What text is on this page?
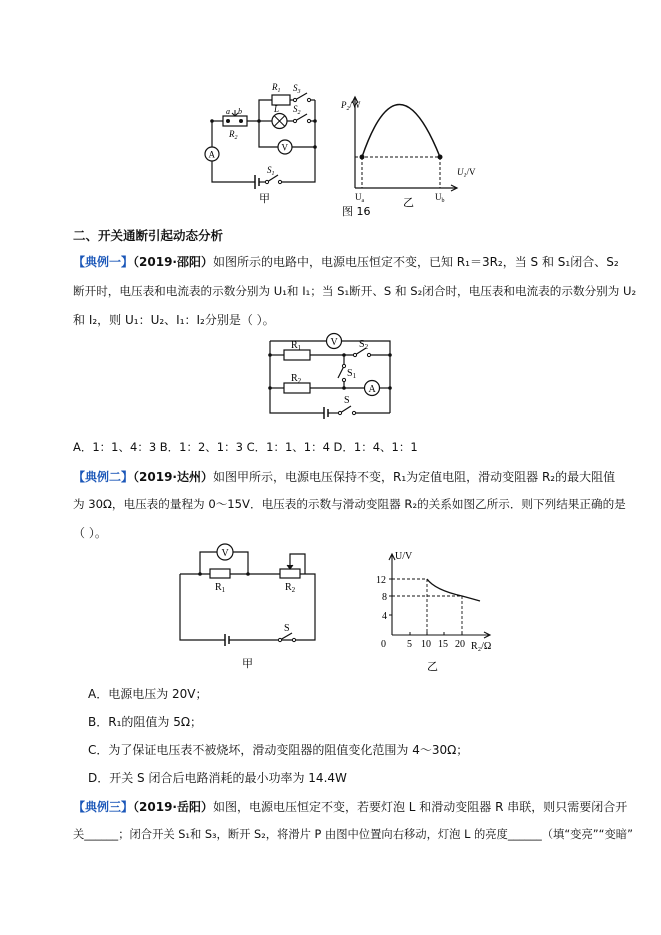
$R_1$ $S_3$
L $S_2$
a b
$R_2$
V
A
$S_1$
甲
$P_2/W$
$U_1/V$
$U_a$	$U_b$
乙
图 16
二、开关通断引起动态分析
【典例一】（2019·邵阳）如图所示的电路中，电源电压恒定不变，已知 R₁＝3R₂，当 S 和 S₁闭合、S₂
断开时，电压表和电流表的示数分别为 U₁和 I₁；当 S₁断开、S 和 S₂闭合时，电压表和电流表的示数分别为 U₂
和 I₂，则 U₁：U₂、I₁：I₂分别是（ ）。
V
A
$R_1$
$R_2$
$S_2$
$S_1$
S
A．1：1、4：3 B．1：2、1：3 C．1：1、1：4 D．1：4、1：1
【典例二】（2019·达州）如图甲所示，电源电压保持不变，R₁为定值电阻，滑动变阻器 R₂的最大阻值
为 30Ω，电压表的量程为 0～15V．电压表的示数与滑动变阻器 R₂的关系如图乙所示．则下列结果正确的是
（ ）。
V
$R_1$	$R_2$
S
甲
U/V
R₂/Ω
0
12
8
4
5 10 15 20
乙
A．电源电压为 20V；
B．R₁的阻值为 5Ω；
C．为了保证电压表不被烧坏，滑动变阻器的阻值变化范围为 4～30Ω；
D．开关 S 闭合后电路消耗的最小功率为 14.4W
【典例三】（2019·岳阳）如图，电源电压恒定不变，若要灯泡 L 和滑动变阻器 R 串联，则只需要闭合开
关______；闭合开关 S₁和 S₃，断开 S₂，将滑片 P 由图中位置向右移动，灯泡 L 的亮度______（填“变亮”“变暗”
